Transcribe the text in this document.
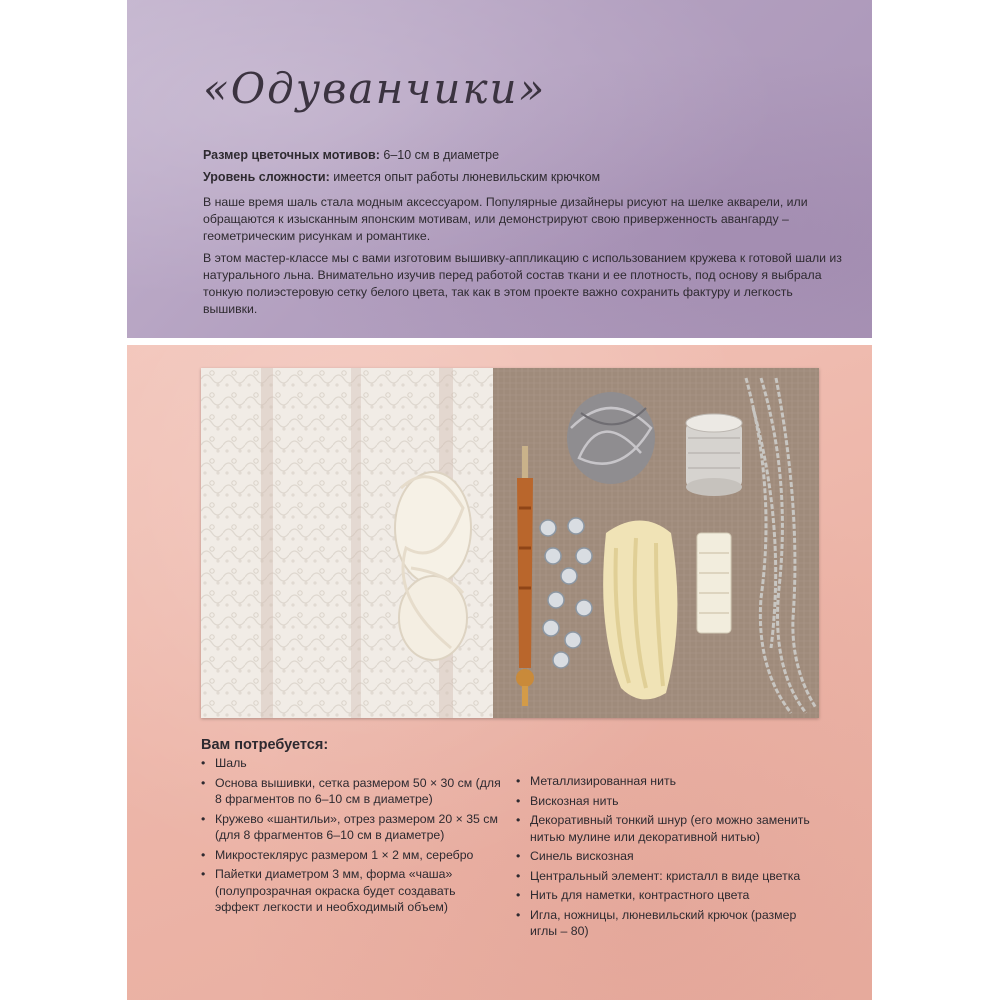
«Одуванчики»
Размер цветочных мотивов: 6–10 см в диаметре
Уровень сложности: имеется опыт работы люневильским крючком

В наше время шаль стала модным аксессуаром. Популярные дизайнеры рисуют на шелке акварели, или обращаются к изысканным японским мотивам, или демонстрируют свою приверженность авангарду – геометрическим рисункам и романтике.

В этом мастер-классе мы с вами изготовим вышивку-аппликацию с использованием кружева к готовой шали из натурального льна. Внимательно изучив перед работой состав ткани и ее плотность, под основу я выбрала тонкую полиэстеровую сетку белого цвета, так как в этом проекте важно сохранить фактуру и легкость вышивки.

Вам потребуется:
• Шаль
• Основа вышивки, сетка размером 50 × 30 см (для 8 фрагментов по 6–10 см в диаметре)
• Кружево «шантильи», отрез размером 20 × 35 см (для 8 фрагментов 6–10 см в диаметре)
• Микростеклярус размером 1 × 2 мм, серебро
• Пайетки диаметром 3 мм, форма «чаша» (полупрозрачная окраска будет создавать эффект легкости и необходимый объем)
• Металлизированная нить
• Вискозная нить
• Декоративный тонкий шнур (его можно заменить нитью мулине или декоративной нитью)
• Синель вискозная
• Центральный элемент: кристалл в виде цветка
• Нить для наметки, контрастного цвета
• Игла, ножницы, люневильский крючок (размер иглы – 80)
